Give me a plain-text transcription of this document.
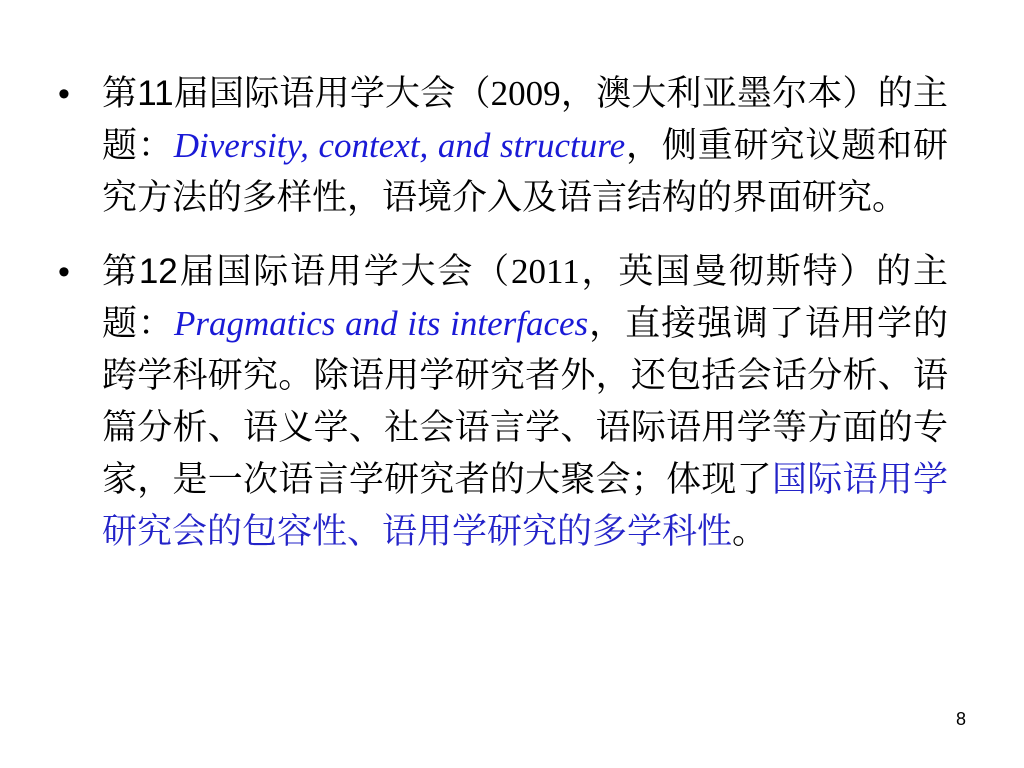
• 第11届国际语用学大会（2009，澳大利亚墨尔本）的主题：Diversity, context, and structure，侧重研究议题和研究方法的多样性，语境介入及语言结构的界面研究。
• 第12届国际语用学大会（2011，英国曼彻斯特）的主题：Pragmatics and its interfaces，直接强调了语用学的跨学科研究。除语用学研究者外，还包括会话分析、语篇分析、语义学、社会语言学、语际语用学等方面的专家，是一次语言学研究者的大聚会；体现了国际语用学研究会的包容性、语用学研究的多学科性。
8
